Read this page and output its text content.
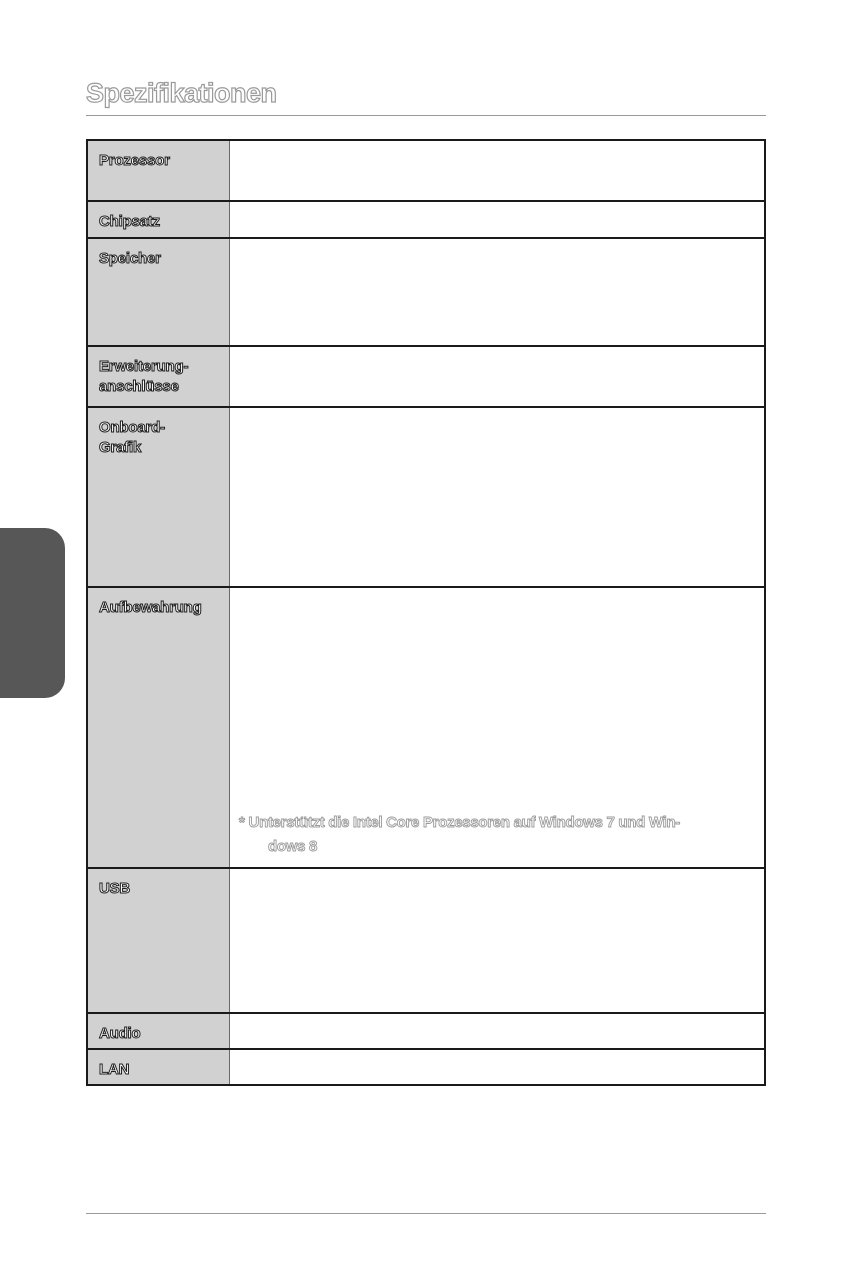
Spezifikationen
Prozessor	

Chipsatz	

Speicher	

Erweiterung-
anschlüsse	

Onboard-
Grafik	

Aufbewahrung	* Unterstützt die Intel Core Prozessoren auf Windows 7 und Win-
dows 8

USB	

Audio	

LAN	
